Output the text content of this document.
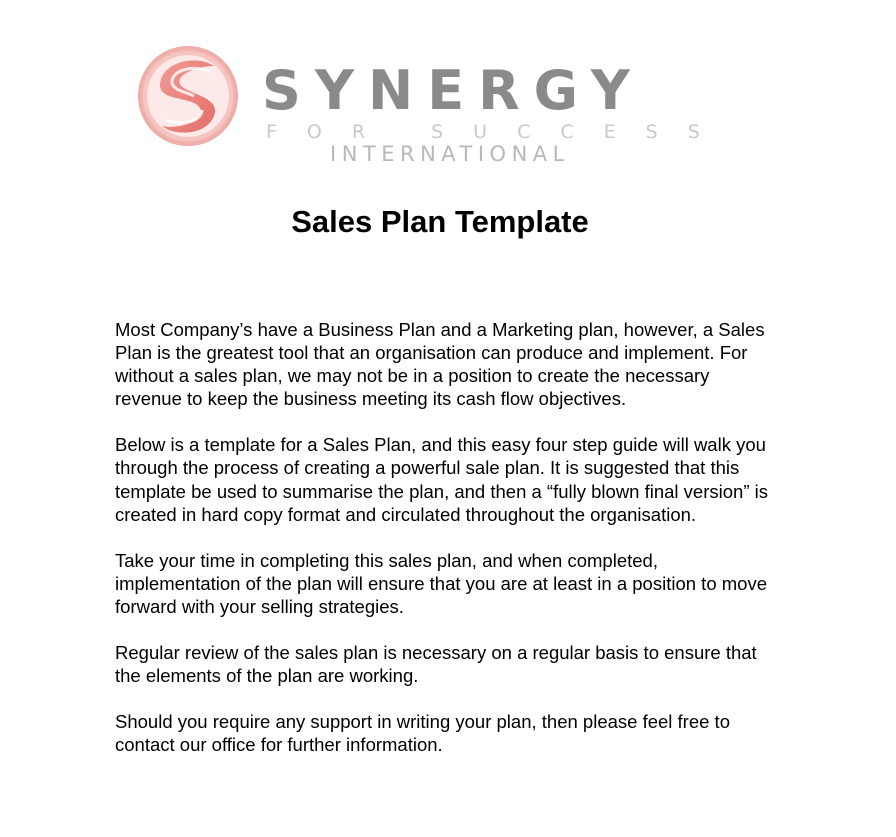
SYNERGY
FOR SUCCESS
INTERNATIONAL
Sales Plan Template

Most Company’s have a Business Plan and a Marketing plan, however, a Sales Plan is the greatest tool that an organisation can produce and implement. For without a sales plan, we may not be in a position to create the necessary revenue to keep the business meeting its cash flow objectives.

Below is a template for a Sales Plan, and this easy four step guide will walk you through the process of creating a powerful sale plan. It is suggested that this template be used to summarise the plan, and then a “fully blown final version” is created in hard copy format and circulated throughout the organisation.

Take your time in completing this sales plan, and when completed, implementation of the plan will ensure that you are at least in a position to move forward with your selling strategies.

Regular review of the sales plan is necessary on a regular basis to ensure that the elements of the plan are working.

Should you require any support in writing your plan, then please feel free to contact our office for further information.
